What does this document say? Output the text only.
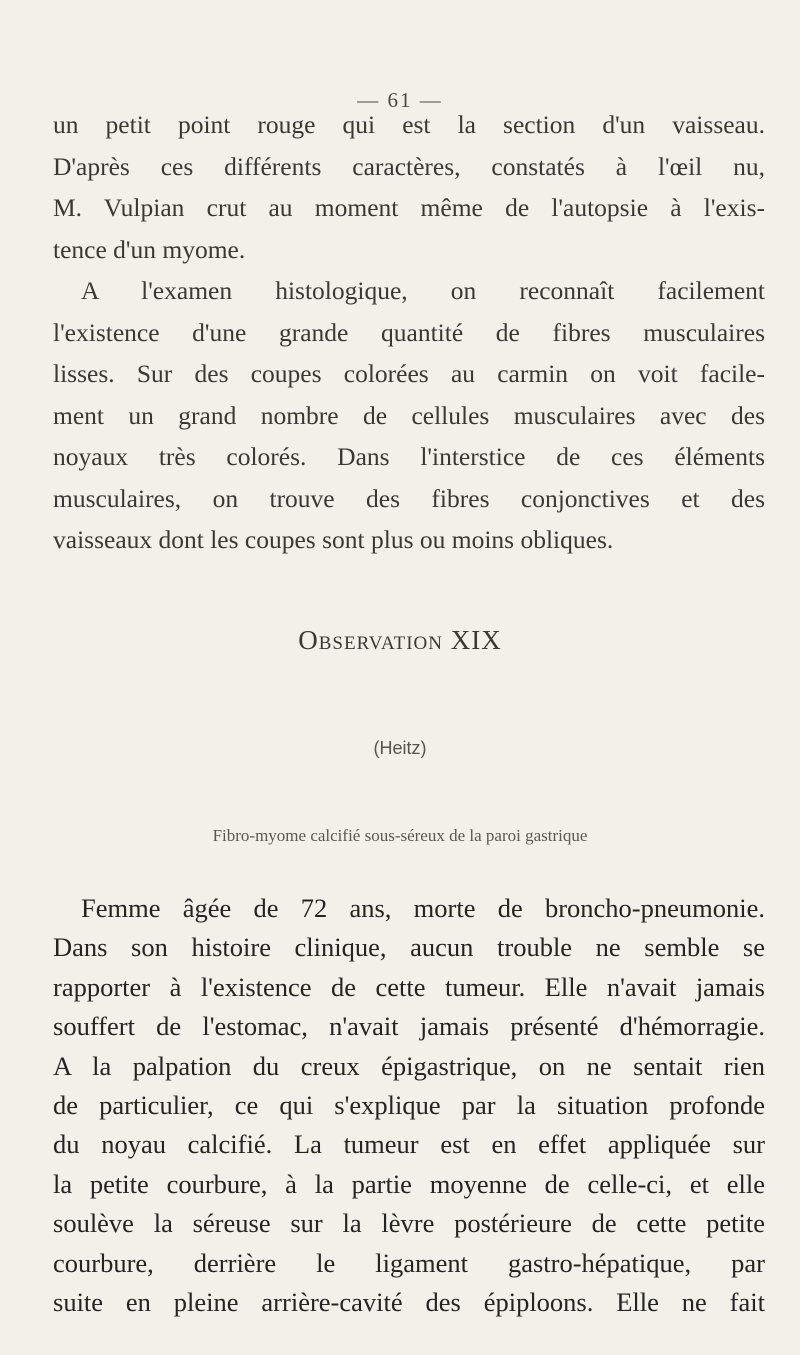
— 61 —

un petit point rouge qui est la section d'un vaisseau.
D'après ces différents caractères, constatés à l'œil nu,
M. Vulpian crut au moment même de l'autopsie à l'exis-
tence d'un myome.

A l'examen histologique, on reconnaît facilement
l'existence d'une grande quantité de fibres musculaires
lisses. Sur des coupes colorées au carmin on voit facile-
ment un grand nombre de cellules musculaires avec des
noyaux très colorés. Dans l'interstice de ces éléments
musculaires, on trouve des fibres conjonctives et des
vaisseaux dont les coupes sont plus ou moins obliques.

Observation XIX
(Heitz)
Fibro-myome calcifié sous-séreux de la paroi gastrique

Femme âgée de 72 ans, morte de broncho-pneumonie.
Dans son histoire clinique, aucun trouble ne semble se
rapporter à l'existence de cette tumeur. Elle n'avait jamais
souffert de l'estomac, n'avait jamais présenté d'hémorragie.
A la palpation du creux épigastrique, on ne sentait rien
de particulier, ce qui s'explique par la situation profonde
du noyau calcifié. La tumeur est en effet appliquée sur
la petite courbure, à la partie moyenne de celle-ci, et elle
soulève la séreuse sur la lèvre postérieure de cette petite
courbure, derrière le ligament gastro-hépatique, par
suite en pleine arrière-cavité des épiploons. Elle ne fait
